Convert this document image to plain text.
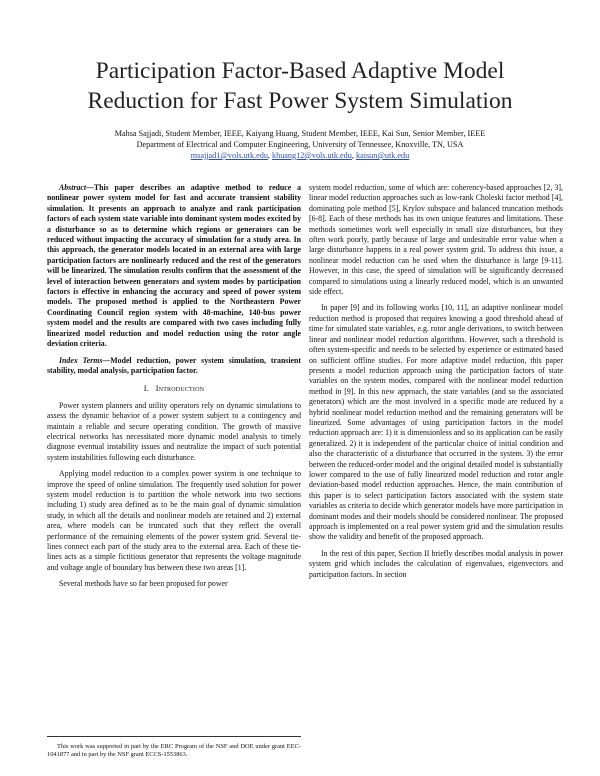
Participation Factor-Based Adaptive Model
Reduction for Fast Power System Simulation
Mahsa Sajjadi, Student Member, IEEE, Kaiyang Huang, Student Member, IEEE, Kai Sun, Senior Member, IEEE
Department of Electrical and Computer Engineering, University of Tennessee, Knoxville, TN, USA
msajjad1@vols.utk.edu, khuang12@vols.utk.edu, kaisun@utk.edu

Abstract—This paper describes an adaptive method to reduce a nonlinear power system model for fast and accurate transient stability simulation. It presents an approach to analyze and rank participation factors of each system state variable into dominant system modes excited by a disturbance so as to determine which regions or generators can be reduced without impacting the accuracy of simulation for a study area. In this approach, the generator models located in an external area with large participation factors are nonlinearly reduced and the rest of the generators will be linearized. The simulation results confirm that the assessment of the level of interaction between generators and system modes by participation factors is effective in enhancing the accuracy and speed of power system models. The proposed method is applied to the Northeastern Power Coordinating Council region system with 48-machine, 140-bus power system model and the results are compared with two cases including fully linearized model reduction and model reduction using the rotor angle deviation criteria.

Index Terms—Model reduction, power system simulation, transient stability, modal analysis, participation factor.

I. Introduction

Power system planners and utility operators rely on dynamic simulations to assess the dynamic behavior of a power system subject to a contingency and maintain a reliable and secure operating condition. The growth of massive electrical networks has necessitated more dynamic model analysis to timely diagnose eventual instability issues and neutralize the impact of such potential system instabilities following each disturbance.

Applying model reduction to a complex power system is one technique to improve the speed of online simulation. The frequently used solution for power system model reduction is to partition the whole network into two sections including 1) study area defined as to be the main goal of dynamic simulation study, in which all the details and nonlinear models are retained and 2) external area, where models can be truncated such that they reflect the overall performance of the remaining elements of the power system grid. Several tie-lines connect each part of the study area to the external area. Each of these tie-lines acts as a simple fictitious generator that represents the voltage magnitude and voltage angle of boundary bus between these two areas [1].

Several methods have so far been proposed for power

system model reduction, some of which are: coherency-based approaches [2, 3], linear model reduction approaches such as low-rank Choleski factor method [4], dominating pole method [5], Krylov subspace and balanced truncation methods [6-8]. Each of these methods has its own unique features and limitations. These methods sometimes work well especially in small size disturbances, but they often work poorly, partly because of large and undesirable error value when a large disturbance happens in a real power system grid. To address this issue, a nonlinear model reduction can be used when the disturbance is large [9-11]. However, in this case, the speed of simulation will be significantly decreased compared to simulations using a linearly reduced model, which is an unwanted side effect.

In paper [9] and its following works [10, 11], an adaptive nonlinear model reduction method is proposed that requires knowing a good threshold ahead of time for simulated state variables, e.g. rotor angle derivations, to switch between linear and nonlinear model reduction algorithms. However, such a threshold is often system-specific and needs to be selected by experience or estimated based on sufficient offline studies. For more adaptive model reduction, this paper presents a model reduction approach using the participation factors of state variables on the system modes, compared with the nonlinear model reduction method in [9]. In this new approach, the state variables (and so the associated generators) which are the most involved in a specific mode are reduced by a hybrid nonlinear model reduction method and the remaining generators will be linearized. Some advantages of using participation factors in the model reduction approach are: 1) it is dimensionless and so its application can be easily generalized. 2) it is independent of the particular choice of initial condition and also the characteristic of a disturbance that occurred in the system. 3) the error between the reduced-order model and the original detailed model is substantially lower compared to the use of fully linearized model reduction and rotor angle deviation-based model reduction approaches. Hence, the main contribution of this paper is to select participation factors associated with the system state variables as criteria to decide which generator models have more participation in dominant modes and their models should be considered nonlinear. The proposed approach is implemented on a real power system grid and the simulation results show the validity and benefit of the proposed approach.

In the rest of this paper, Section II briefly describes modal analysis in power system grid which includes the calculation of eigenvalues, eigenvectors and participation factors. In section

This work was supported in part by the ERC Program of the NSF and DOE under grant EEC-1041877 and in part by the NSF grant ECCS-1553863.
